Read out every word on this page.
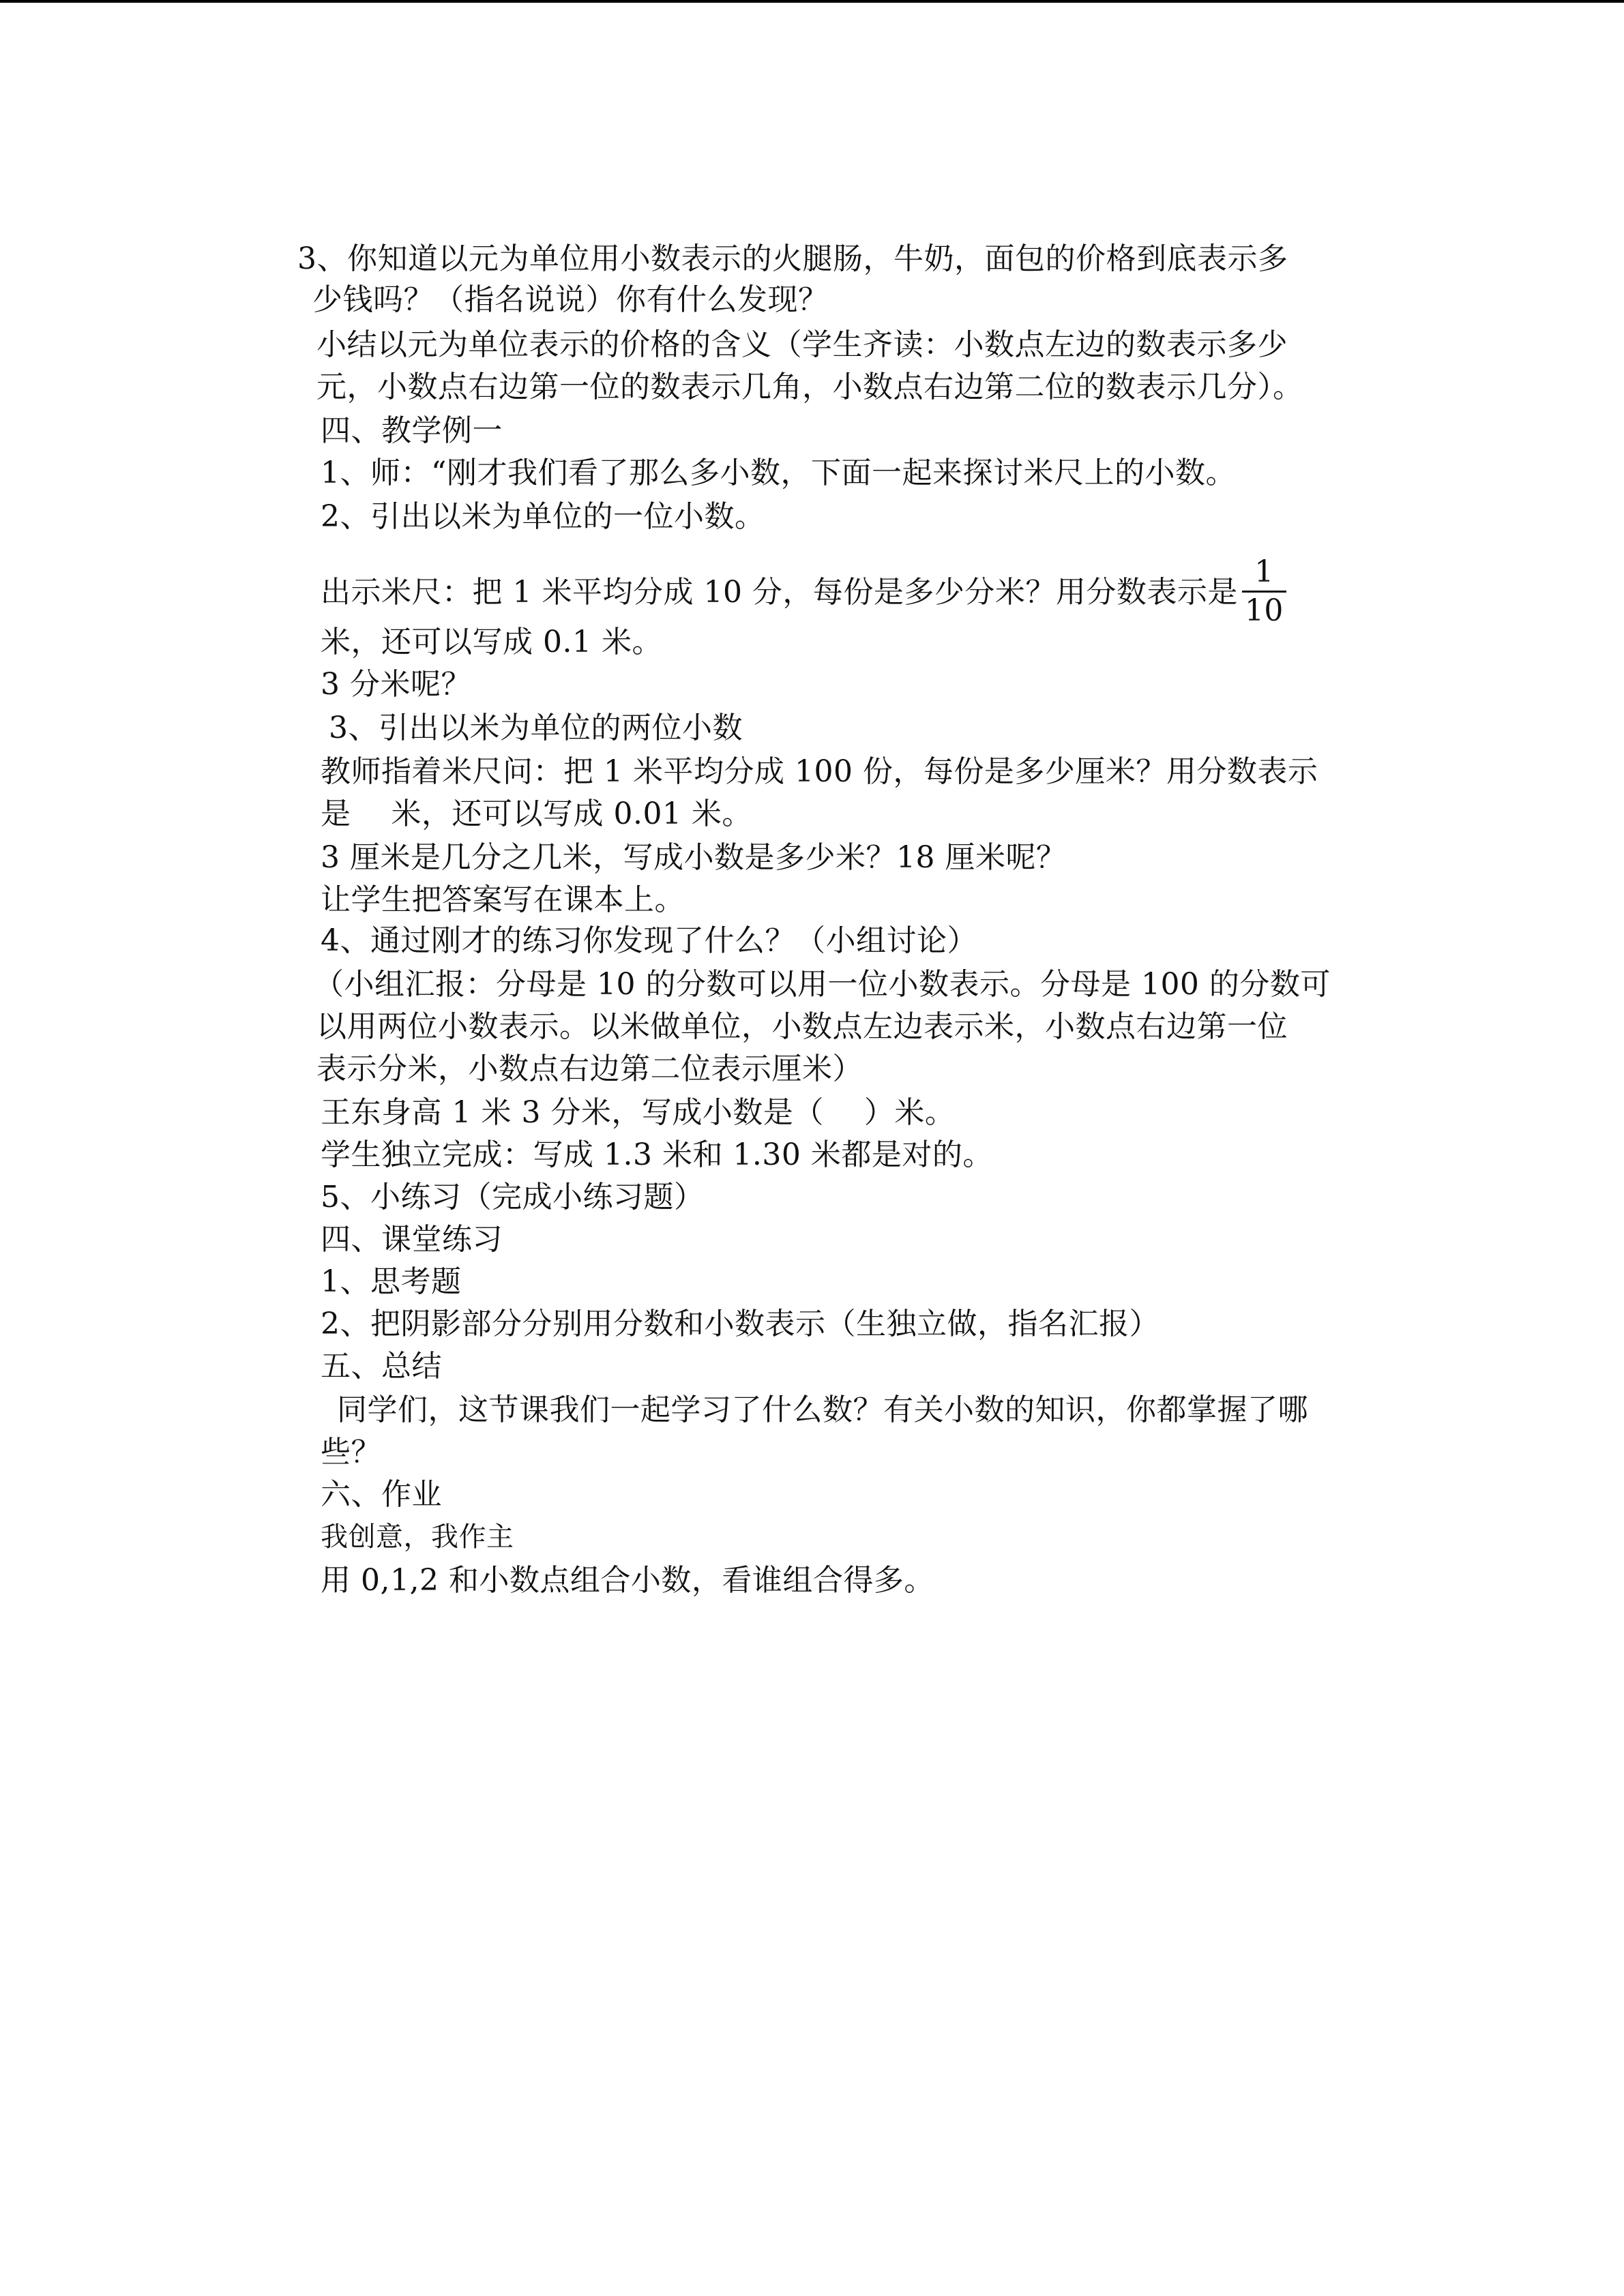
3、你知道以元为单位用小数表示的火腿肠，牛奶，面包的价格到底表示多
少钱吗？（指名说说）你有什么发现？
小结以元为单位表示的价格的含义（学生齐读：小数点左边的数表示多少
元，小数点右边第一位的数表示几角，小数点右边第二位的数表示几分）。
四、教学例一
1、师：“刚才我们看了那么多小数，下面一起来探讨米尺上的小数。
2、引出以米为单位的一位小数。
出示米尺：把 1 米平均分成 10 分，每份是多少分米？用分数表示是 $\frac{1}{10}$
米，还可以写成 0.1 米。
3 分米呢？
3、引出以米为单位的两位小数
教师指着米尺问：把 1 米平均分成 100 份，每份是多少厘米？用分数表示
是　 米，还可以写成 0.01 米。
3 厘米是几分之几米，写成小数是多少米？18 厘米呢？
让学生把答案写在课本上。
4、通过刚才的练习你发现了什么？（小组讨论）
（小组汇报：分母是 10 的分数可以用一位小数表示。分母是 100 的分数可
以用两位小数表示。以米做单位，小数点左边表示米，小数点右边第一位
表示分米，小数点右边第二位表示厘米）
王东身高 1 米 3 分米，写成小数是（　 ）米。
学生独立完成：写成 1.3 米和 1.30 米都是对的。
5、小练习（完成小练习题）
四、课堂练习
1、思考题
2、把阴影部分分别用分数和小数表示（生独立做，指名汇报）
五、总结
同学们，这节课我们一起学习了什么数？有关小数的知识，你都掌握了哪
些？
六、作业
我创意，我作主
用 0,1,2 和小数点组合小数，看谁组合得多。
